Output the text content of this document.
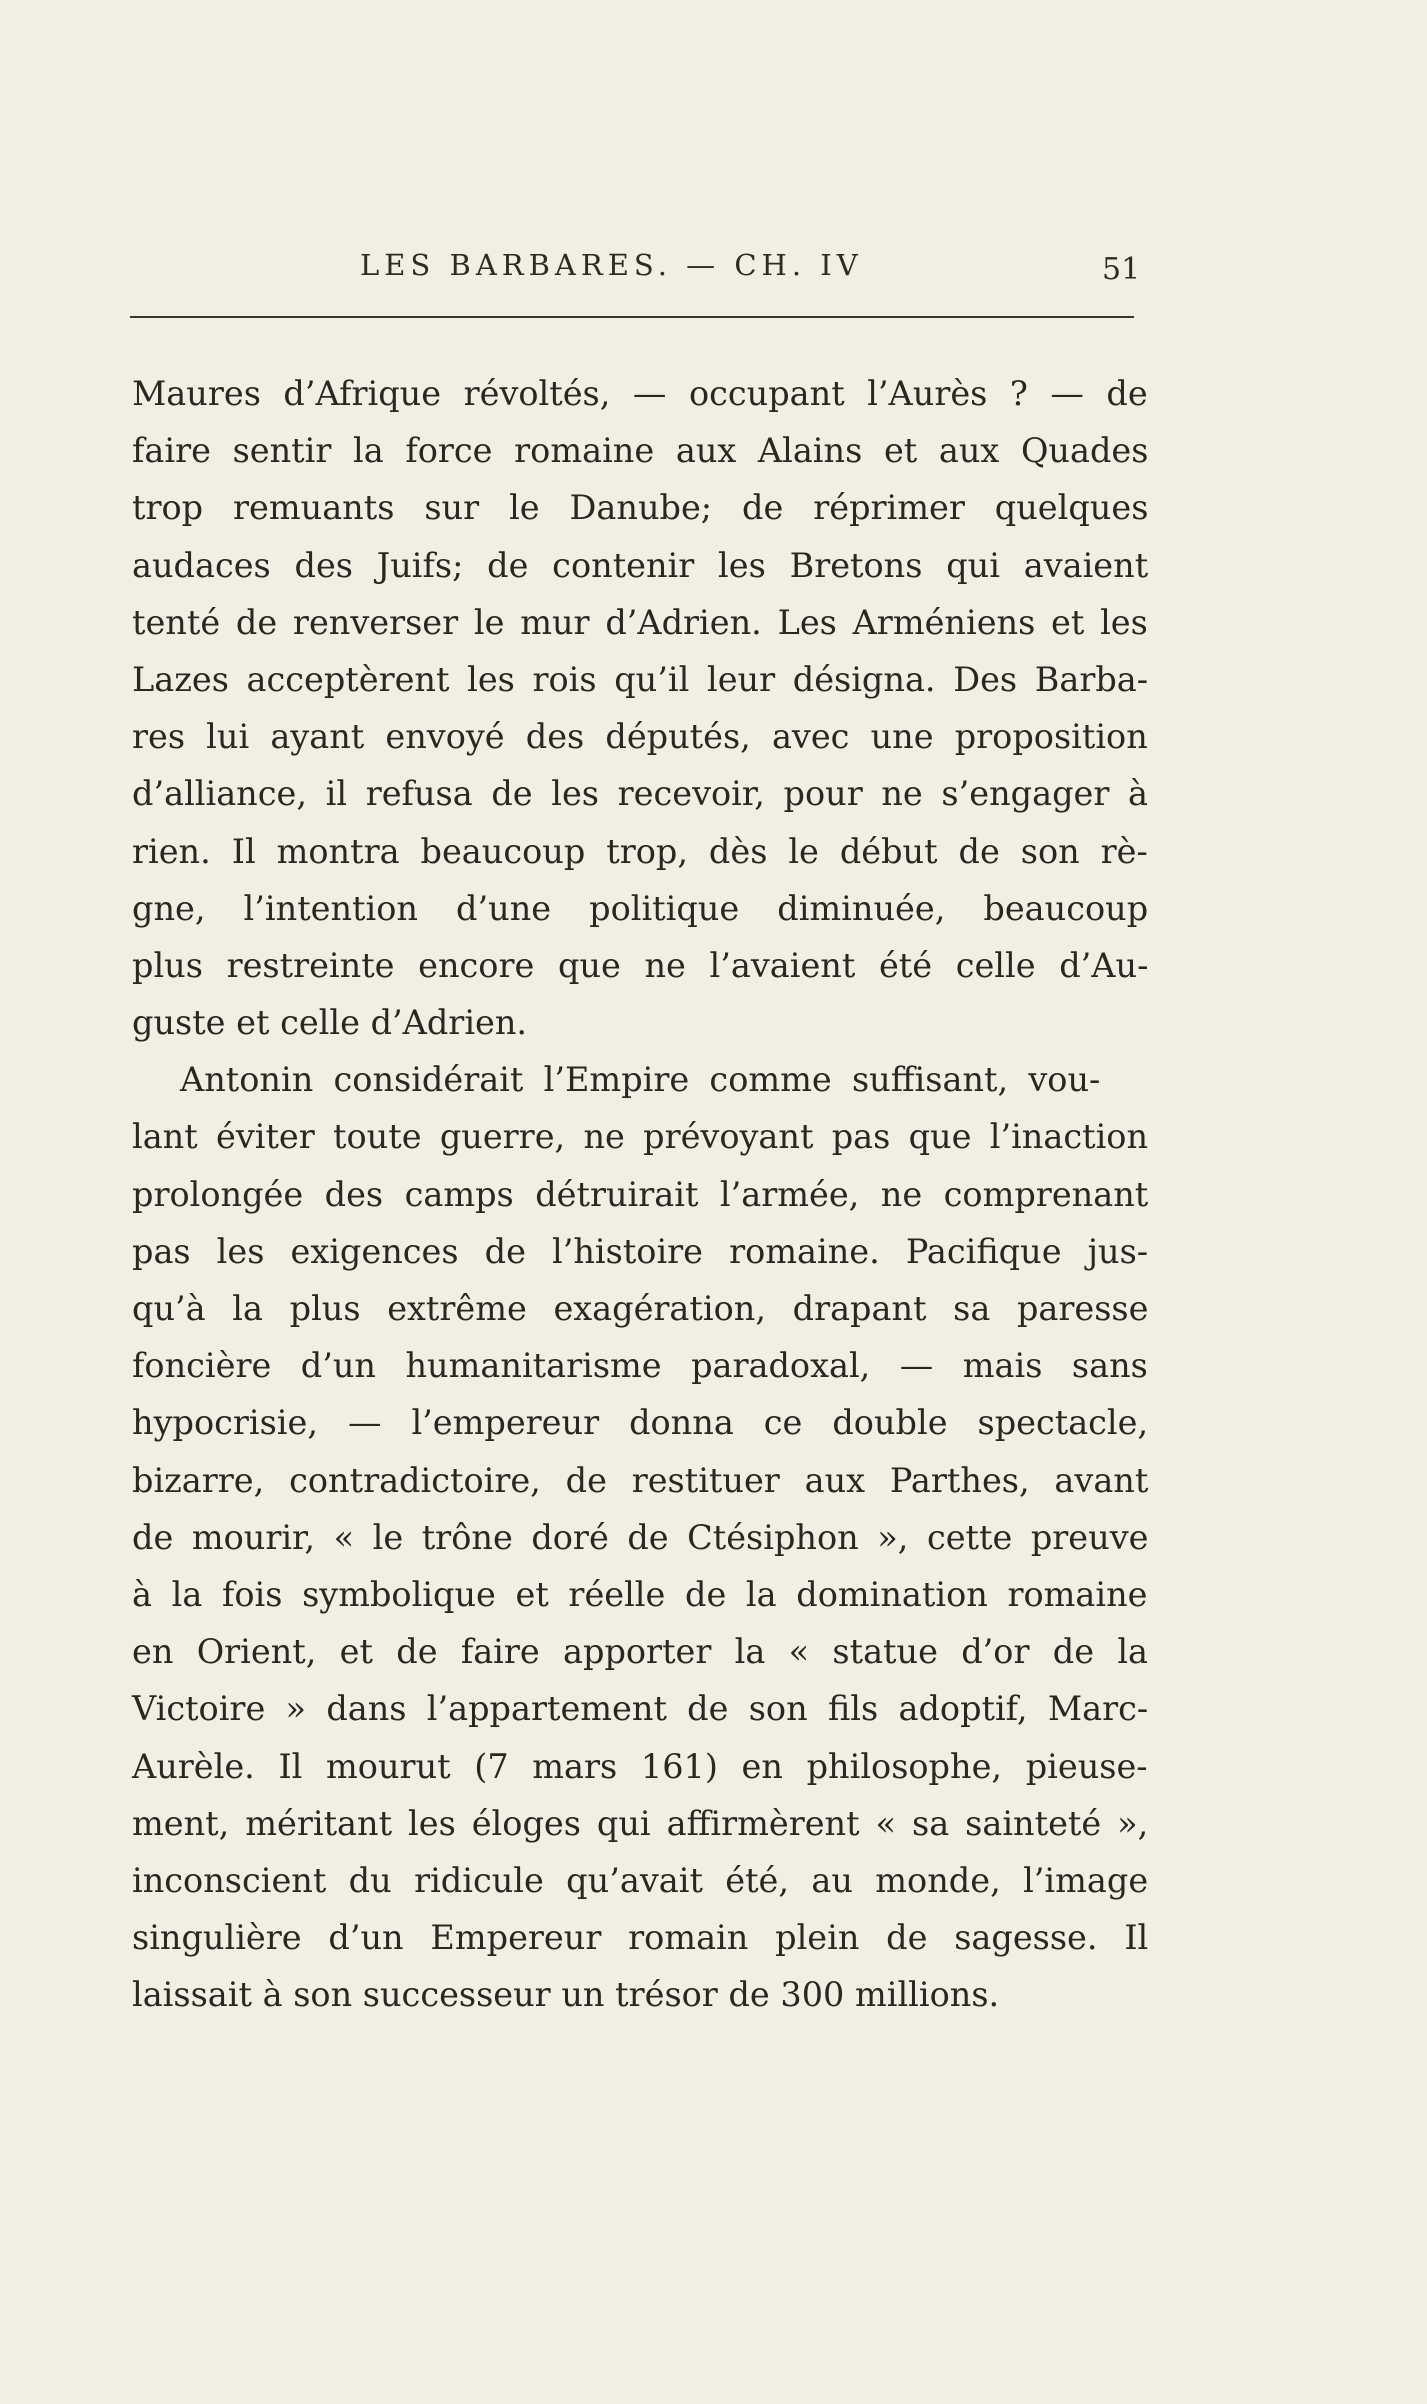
LES BARBARES. — CH. IV	51
Maures d’Afrique révoltés, — occupant l’Aurès ? — de
faire sentir la force romaine aux Alains et aux Quades
trop remuants sur le Danube; de réprimer quelques
audaces des Juifs; de contenir les Bretons qui avaient
tenté de renverser le mur d’Adrien. Les Arméniens et les
Lazes acceptèrent les rois qu’il leur désigna. Des Barba-
res lui ayant envoyé des députés, avec une proposition
d’alliance, il refusa de les recevoir, pour ne s’engager à
rien. Il montra beaucoup trop, dès le début de son rè-
gne, l’intention d’une politique diminuée, beaucoup
plus restreinte encore que ne l’avaient été celle d’Au-
guste et celle d’Adrien.
Antonin considérait l’Empire comme suffisant, vou-
lant éviter toute guerre, ne prévoyant pas que l’inaction
prolongée des camps détruirait l’armée, ne comprenant
pas les exigences de l’histoire romaine. Pacifique jus-
qu’à la plus extrême exagération, drapant sa paresse
foncière d’un humanitarisme paradoxal, — mais sans
hypocrisie, — l’empereur donna ce double spectacle,
bizarre, contradictoire, de restituer aux Parthes, avant
de mourir, « le trône doré de Ctésiphon », cette preuve
à la fois symbolique et réelle de la domination romaine
en Orient, et de faire apporter la « statue d’or de la
Victoire » dans l’appartement de son fils adoptif, Marc-
Aurèle. Il mourut (7 mars 161) en philosophe, pieuse-
ment, méritant les éloges qui affirmèrent « sa sainteté »,
inconscient du ridicule qu’avait été, au monde, l’image
singulière d’un Empereur romain plein de sagesse. Il
laissait à son successeur un trésor de 300 millions.
